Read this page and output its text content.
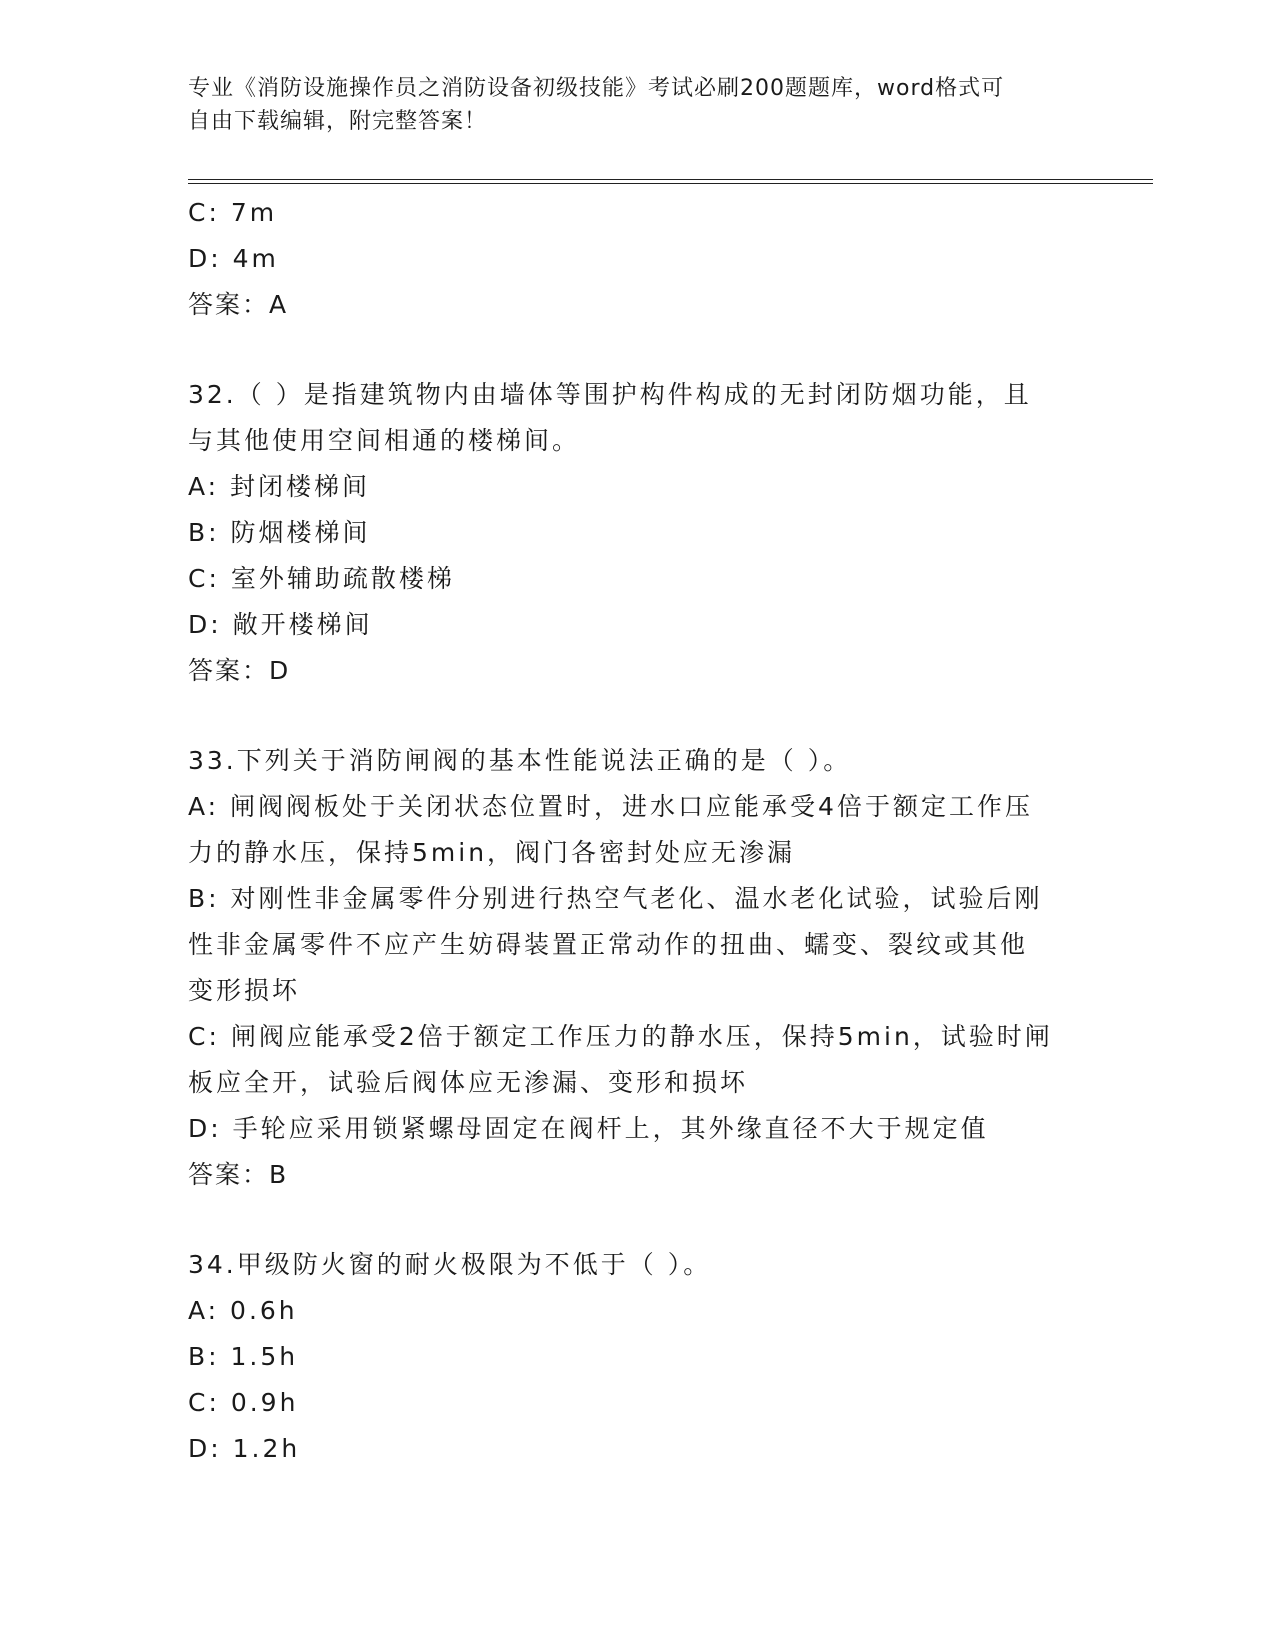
专业《消防设施操作员之消防设备初级技能》考试必刷200题题库，word格式可
自由下载编辑，附完整答案！
C: 7m
D: 4m
答案：A
32.（ ）是指建筑物内由墙体等围护构件构成的无封闭防烟功能，且
与其他使用空间相通的楼梯间。
A: 封闭楼梯间
B: 防烟楼梯间
C: 室外辅助疏散楼梯
D: 敞开楼梯间
答案：D
33.下列关于消防闸阀的基本性能说法正确的是（ ）。
A: 闸阀阀板处于关闭状态位置时，进水口应能承受4倍于额定工作压
力的静水压，保持5min，阀门各密封处应无渗漏
B: 对刚性非金属零件分别进行热空气老化、温水老化试验，试验后刚
性非金属零件不应产生妨碍装置正常动作的扭曲、蠕变、裂纹或其他
变形损坏
C: 闸阀应能承受2倍于额定工作压力的静水压，保持5min，试验时闸
板应全开，试验后阀体应无渗漏、变形和损坏
D: 手轮应采用锁紧螺母固定在阀杆上，其外缘直径不大于规定值
答案：B
34.甲级防火窗的耐火极限为不低于（ ）。
A: 0.6h
B: 1.5h
C: 0.9h
D: 1.2h
